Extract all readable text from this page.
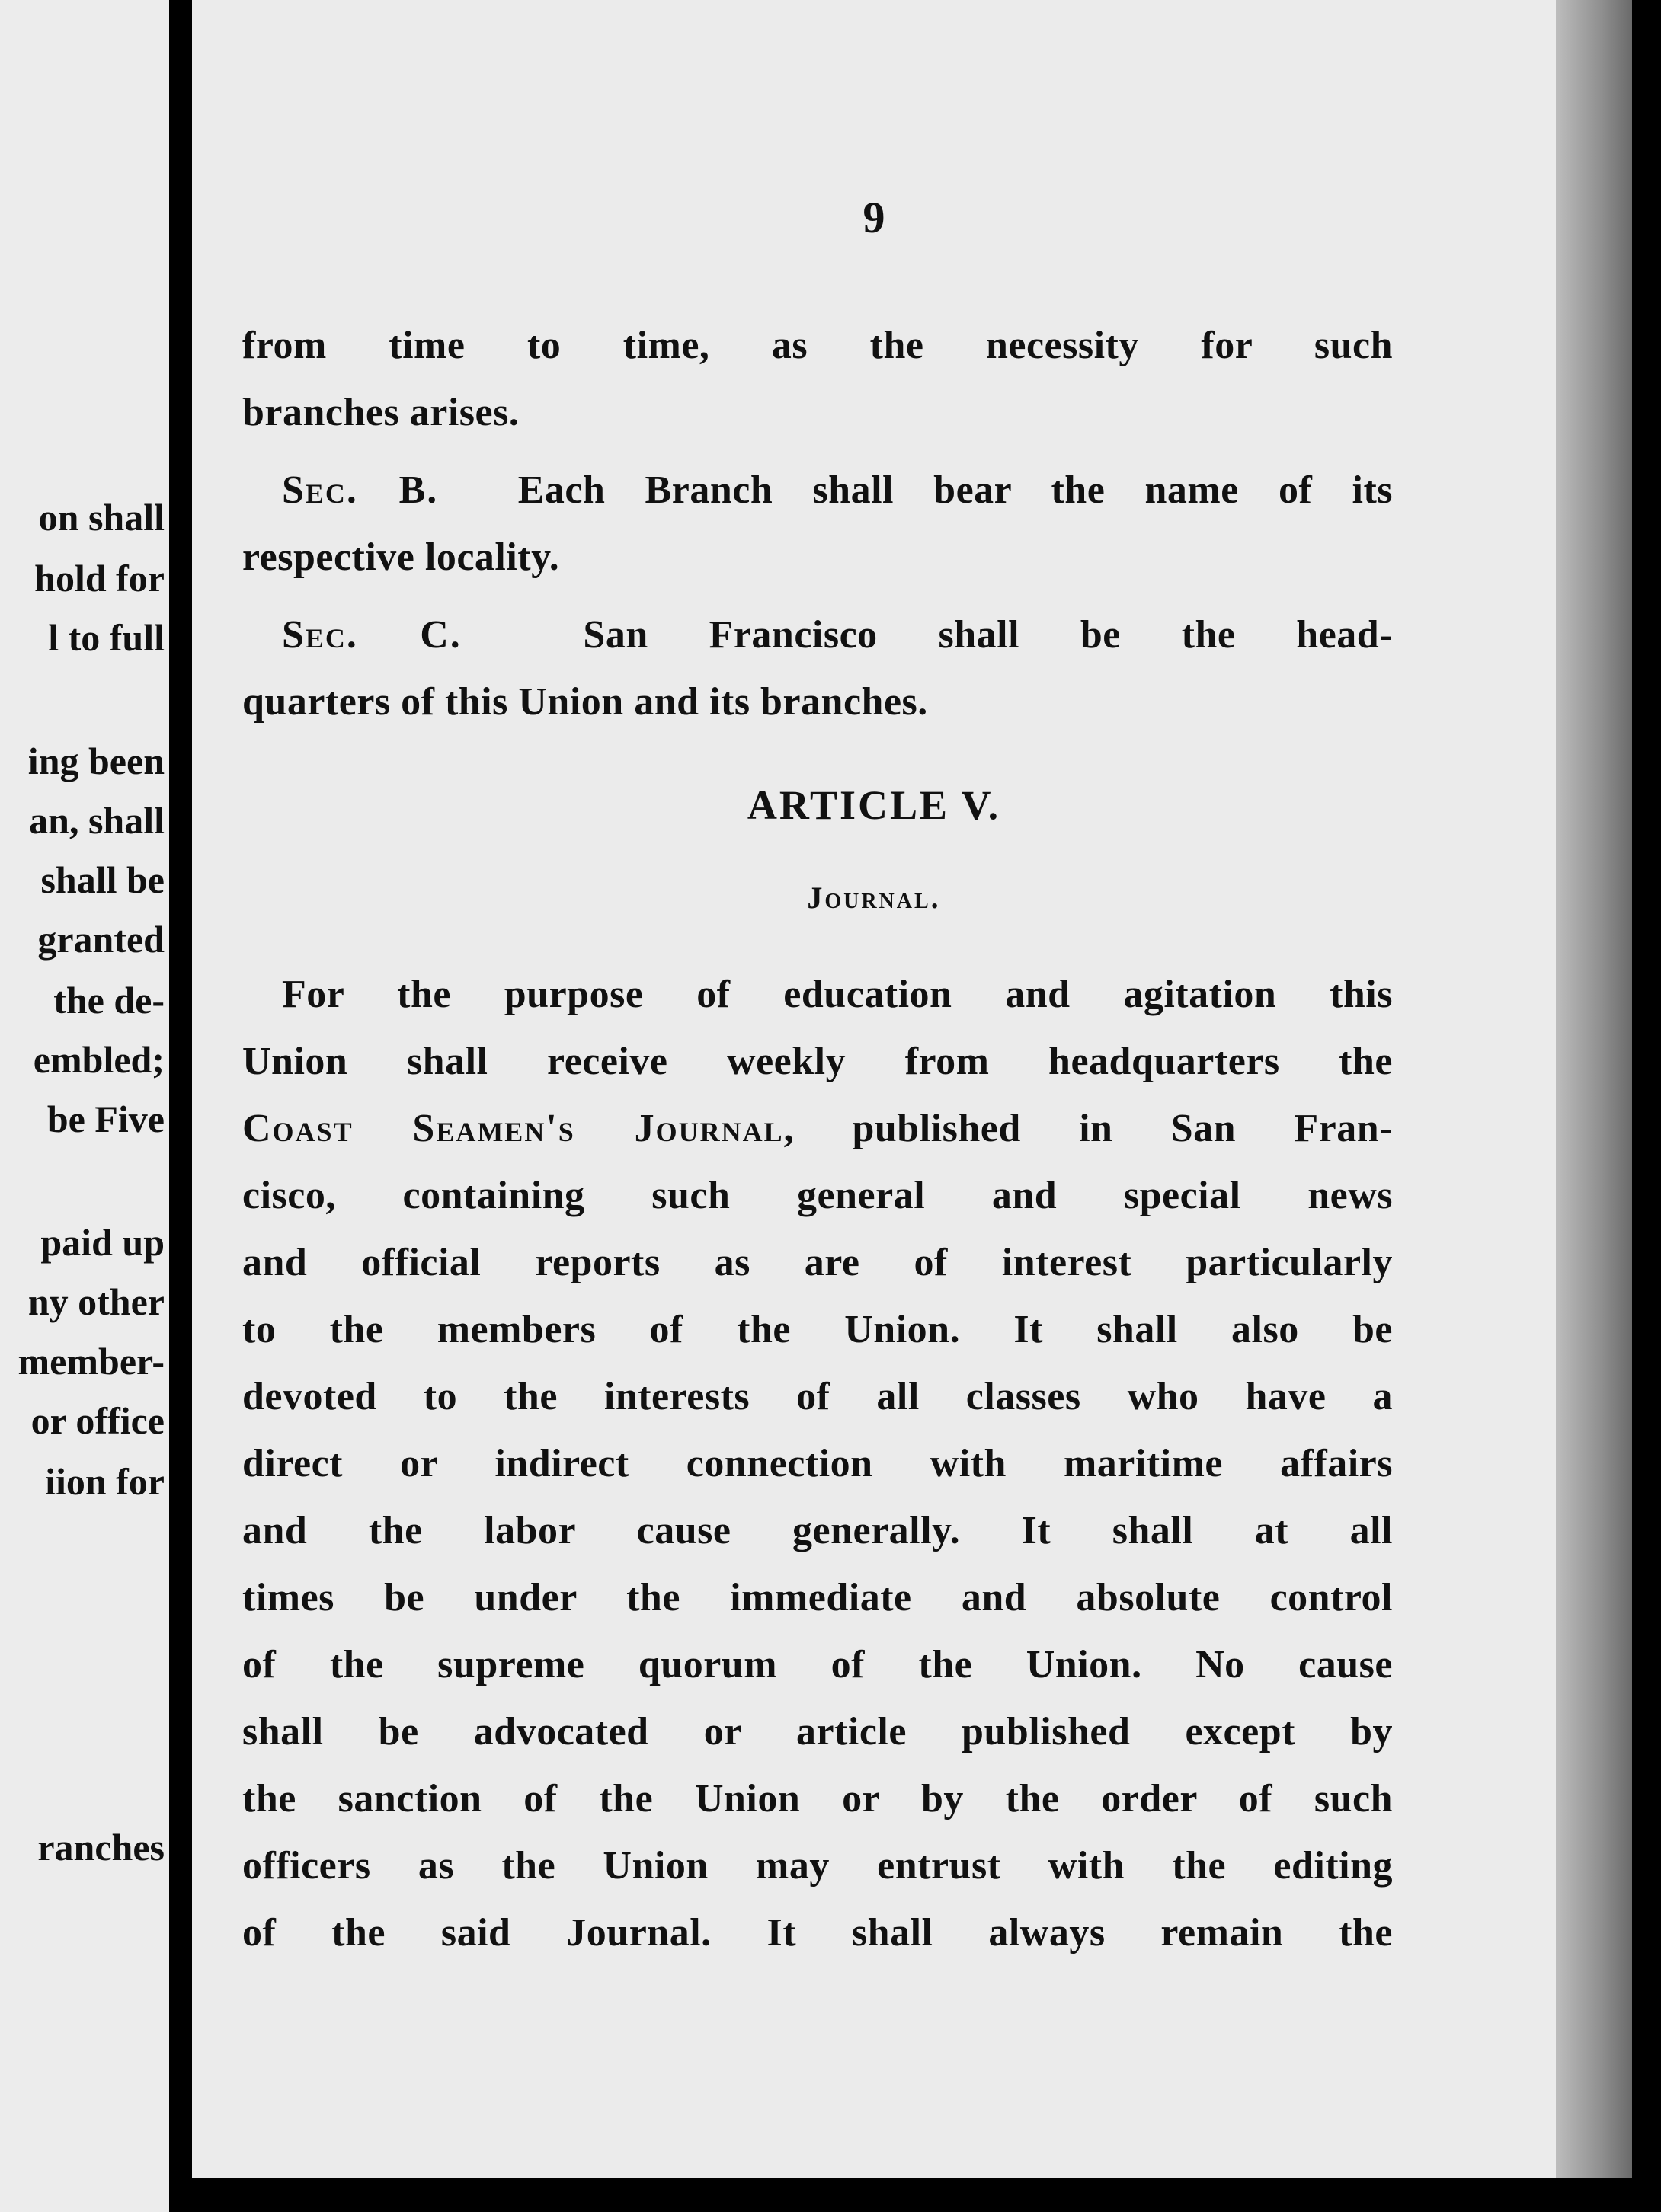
on shall
hold for
l to full
ing been
an, shall
shall be
granted
the de-
embled;
be Five
paid up
ny other
member-
or office
iion for
ranches
9

from time to time, as the necessity for such
branches arises.

Sec. B. Each Branch shall bear the name of its
respective locality.

Sec. C.	San Francisco shall be the head-
quarters of this Union and its branches.

ARTICLE V.
Journal.

For the purpose of education and agitation this
Union shall receive weekly from headquarters the
Coast Seamen's Journal, published in San Fran-
cisco, containing such general and special news
and official reports as are of interest particularly
to the members of the Union. It shall also be
devoted to the interests of all classes who have a
direct or indirect connection with maritime affairs
and the labor cause generally. It shall at all
times be under the immediate and absolute control
of the supreme quorum of the Union. No cause
shall be advocated or article published except by
the sanction of the Union or by the order of such
officers as the Union may entrust with the editing
of the said Journal. It shall always remain the
